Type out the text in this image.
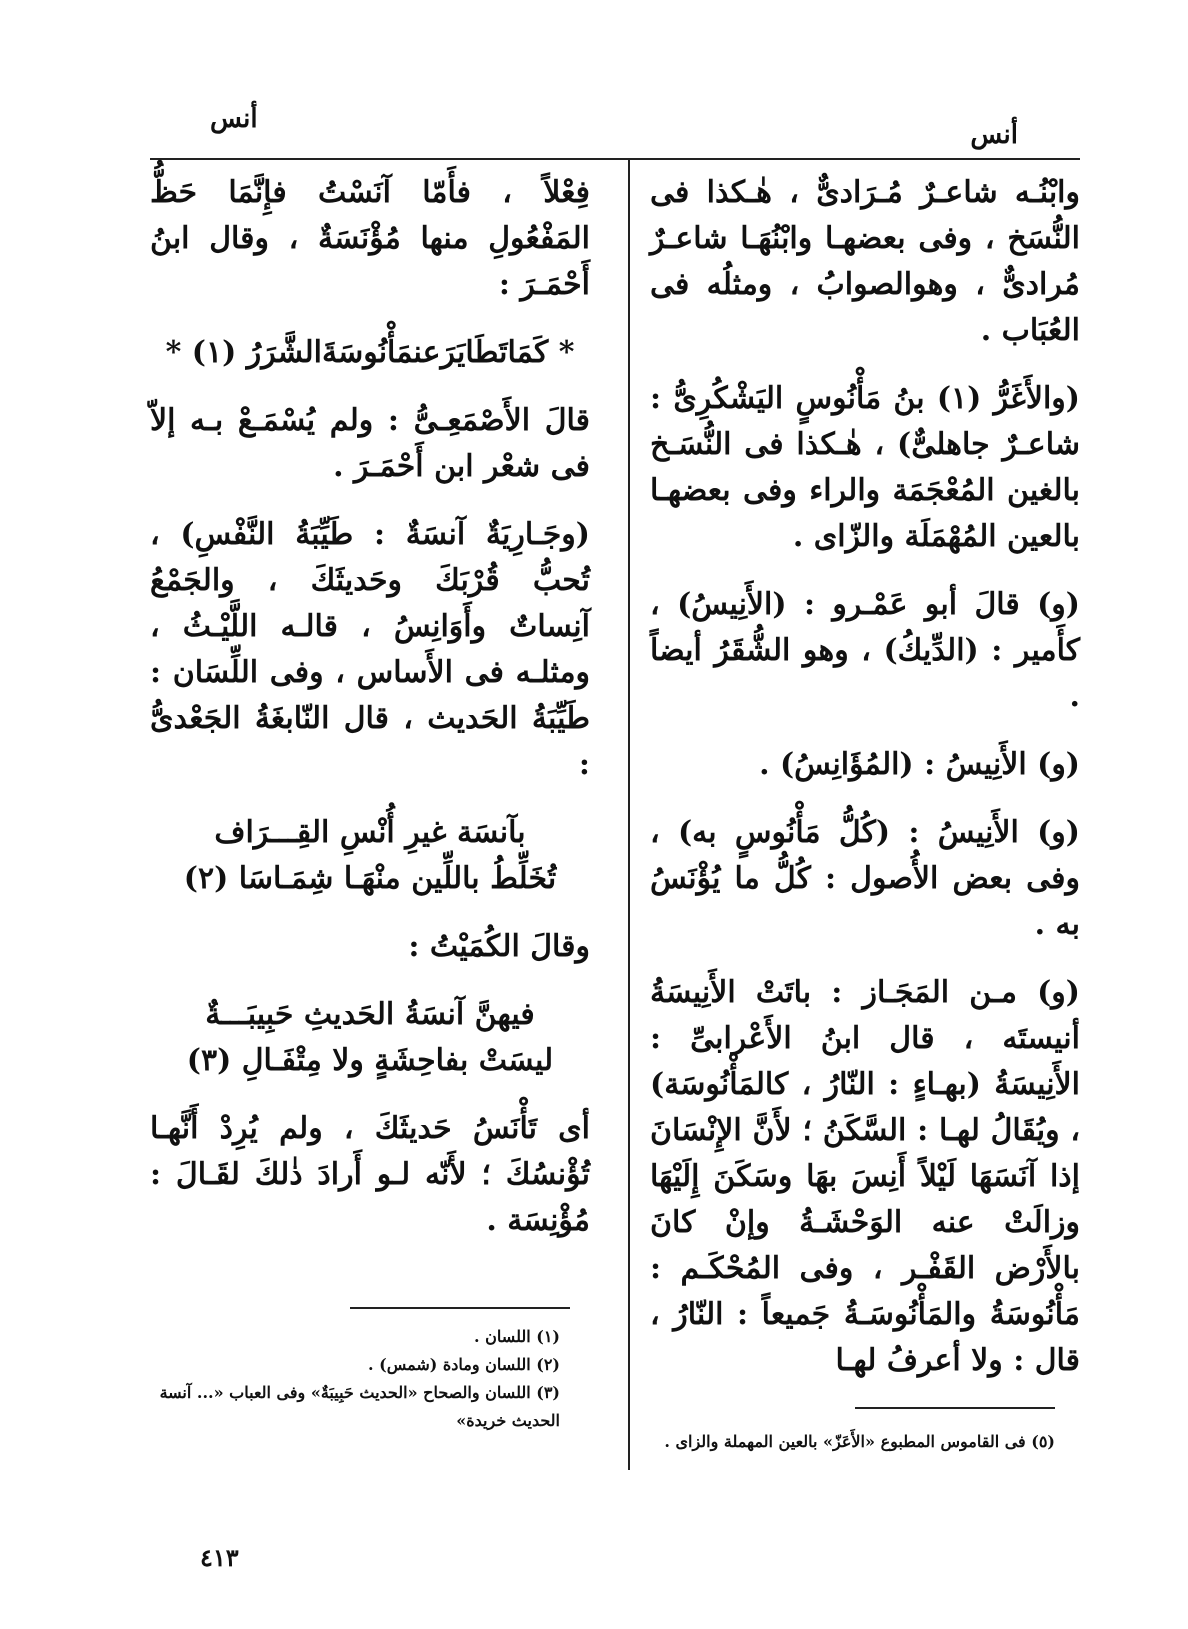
أنس
أنس

وابْنُـه شاعـرٌ مُـرَادىٌّ ، هٰـكذا فى النُّسَخ ، وفى بعضهـا وابْنُهَـا شاعـرٌ مُرادىٌّ ، وهوالصوابُ ، ومثلُه فى العُبَاب .

(والأَغَرُّ (١) بنُ مَأْنُوسٍ اليَشْكُرِىُّ : شاعـرٌ جاهلىٌّ) ، هٰـكذا فى النُّسَـخ بالغين المُعْجَمَة والراء وفى بعضهـا بالعين المُهْمَلَة والزّاى .

(و) قالَ أبو عَمْـرو : (الأَنِيسُ) ، كأَمير : (الدِّيكُ) ، وهو الشُّقَرُ أيضاً .

(و) الأَنِيسُ : (المُؤَانِسُ) .

(و) الأَنِيسُ : (كُلُّ مَأْنُوسٍ به) ، وفى بعض الأُصول : كُلُّ ما يُؤْنَسُ به .

(و) مـن المَجَـاز : باتَتْ الأَنِيسَةُ أنيستَه ، قال ابنُ الأَعْرابىِّ : الأَنِيسَةُ (بهـاءٍ : النّارُ ، كالمَأْنُوسَة) ، ويُقَالُ لهـا : السَّكَنُ ؛ لأَنَّ الإِنْسَانَ إذا آنَسَهَا لَيْلاً أَنِسَ بهَا وسَكَنَ إِلَيْهَا وزالَتْ عنه الوَحْشَـةُ وإنْ كانَ بالأَرْض القَفْـر ، وفى المُحْكَـم : مَأْنُوسَةُ والمَأْنُوسَـةُ جَميعاً : النّارُ ، قال : ولا أعرفُ لهـا

فِعْلاً ، فأَمّا آنَسْتُ فإِنَّمَا حَظُّ المَفْعُولِ منها مُؤْنَسَةٌ ، وقال ابنُ أَحْمَـرَ :

* كَمَاتَطَايَرَعنمَأْنُوسَةَالشَّرَرُ (١) *

قالَ الأَصْمَعِـىُّ : ولم يُسْمَـعْ بـه إلاّ فى شعْر ابن أَحْمَـرَ .

(وجَـارِيَةٌ آنسَةٌ : طَيِّبَةُ النَّفْسِ) ، تُحبُّ قُرْبَكَ وحَديثَكَ ، والجَمْعُ آنِساتٌ وأَوَانِسُ ، قالـه اللَّيْـثُ ، ومثلـه فى الأَساس ، وفى اللِّسَان : طَيِّبَةُ الحَديث ، قال النّابغَةُ الجَعْدىُّ :

بآنسَة غيرِ أُنْسِ القِـــرَاف
تُخَلِّطُ باللِّين منْهَـا شِمَـاسَا (٢)

وقالَ الكُمَيْتُ :

فيهنَّ آنسَةُ الحَديثِ حَبِيبَـــةٌ
ليسَتْ بفاحِشَةٍ ولا مِتْفَـالِ (٣)

أى تَأْنَسُ حَديثَكَ ، ولم يُرِدْ أَنَّهـا تُؤْنسُكَ ؛ لأَنّه لـو أَرادَ ذٰلكَ لقَـالَ : مُؤْنِسَة .

(٥) فى القاموس المطبوع «الأَعَزّ» بالعين المهملة والزاى .
(١) اللسان .
(٢) اللسان ومادة (شمس) .
(٣) اللسان والصحاح «الحديث حَبِيبَةٌ» وفى العباب «... آنسة الحديث خريدة»
٤١٣
